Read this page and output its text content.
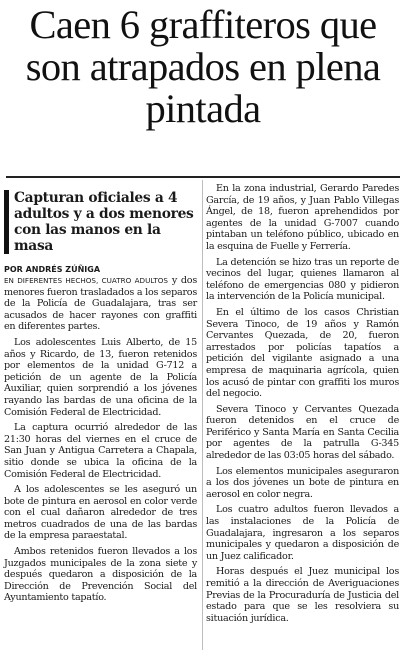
Caen 6 graffiteros que son atrapados en plena pintada
Capturan oficiales a 4 adultos y a dos menores con las manos en la masa
POR ANDRÉS ZÚÑIGA

EN DIFERENTES HECHOS, CUATRO ADULTOS y dos menores fueron trasladados a los separos de la Policía de Guadalajara, tras ser acusados de hacer rayones con graffiti en diferentes partes.

Los adolescentes Luis Alberto, de 15 años y Ricardo, de 13, fueron retenidos por elementos de la unidad G-712 a petición de un agente de la Policía Auxiliar, quien sorprendió a los jóvenes rayando las bardas de una oficina de la Comisión Federal de Electricidad.

La captura ocurrió alrededor de las 21:30 horas del viernes en el cruce de San Juan y Antigua Carretera a Chapala, sitio donde se ubica la oficina de la Comisión Federal de Electricidad.

A los adolescentes se les aseguró un bote de pintura en aerosol en color verde con el cual dañaron alrededor de tres metros cuadrados de una de las bardas de la empresa paraestatal.

Ambos retenidos fueron llevados a los Juzgados municipales de la zona siete y después quedaron a disposición de la Dirección de Prevención Social del Ayuntamiento tapatío.

En la zona industrial, Gerardo Paredes García, de 19 años, y Juan Pablo Villegas Ángel, de 18, fueron aprehendidos por agentes de la unidad G-7007 cuando pintaban un teléfono público, ubicado en la esquina de Fuelle y Ferrería.

La detención se hizo tras un reporte de vecinos del lugar, quienes llamaron al teléfono de emergencias 080 y pidieron la intervención de la Policía municipal.

En el último de los casos Christian Severa Tinoco, de 19 años y Ramón Cervantes Quezada, de 20, fueron arrestados por policías tapatíos a petición del vigilante asignado a una empresa de maquinaria agrícola, quien los acusó de pintar con graffiti los muros del negocio.

Severa Tinoco y Cervantes Quezada fueron detenidos en el cruce de Periférico y Santa María en Santa Cecilia por agentes de la patrulla G-345 alrededor de las 03:05 horas del sábado.

Los elementos municipales aseguraron a los dos jóvenes un bote de pintura en aerosol en color negra.

Los cuatro adultos fueron llevados a las instalaciones de la Policía de Guadalajara, ingresaron a los separos municipales y quedaron a disposición de un Juez calificador.

Horas después el Juez municipal los remitió a la dirección de Averiguaciones Previas de la Procuraduría de Justicia del estado para que se les resolviera su situación jurídica.
